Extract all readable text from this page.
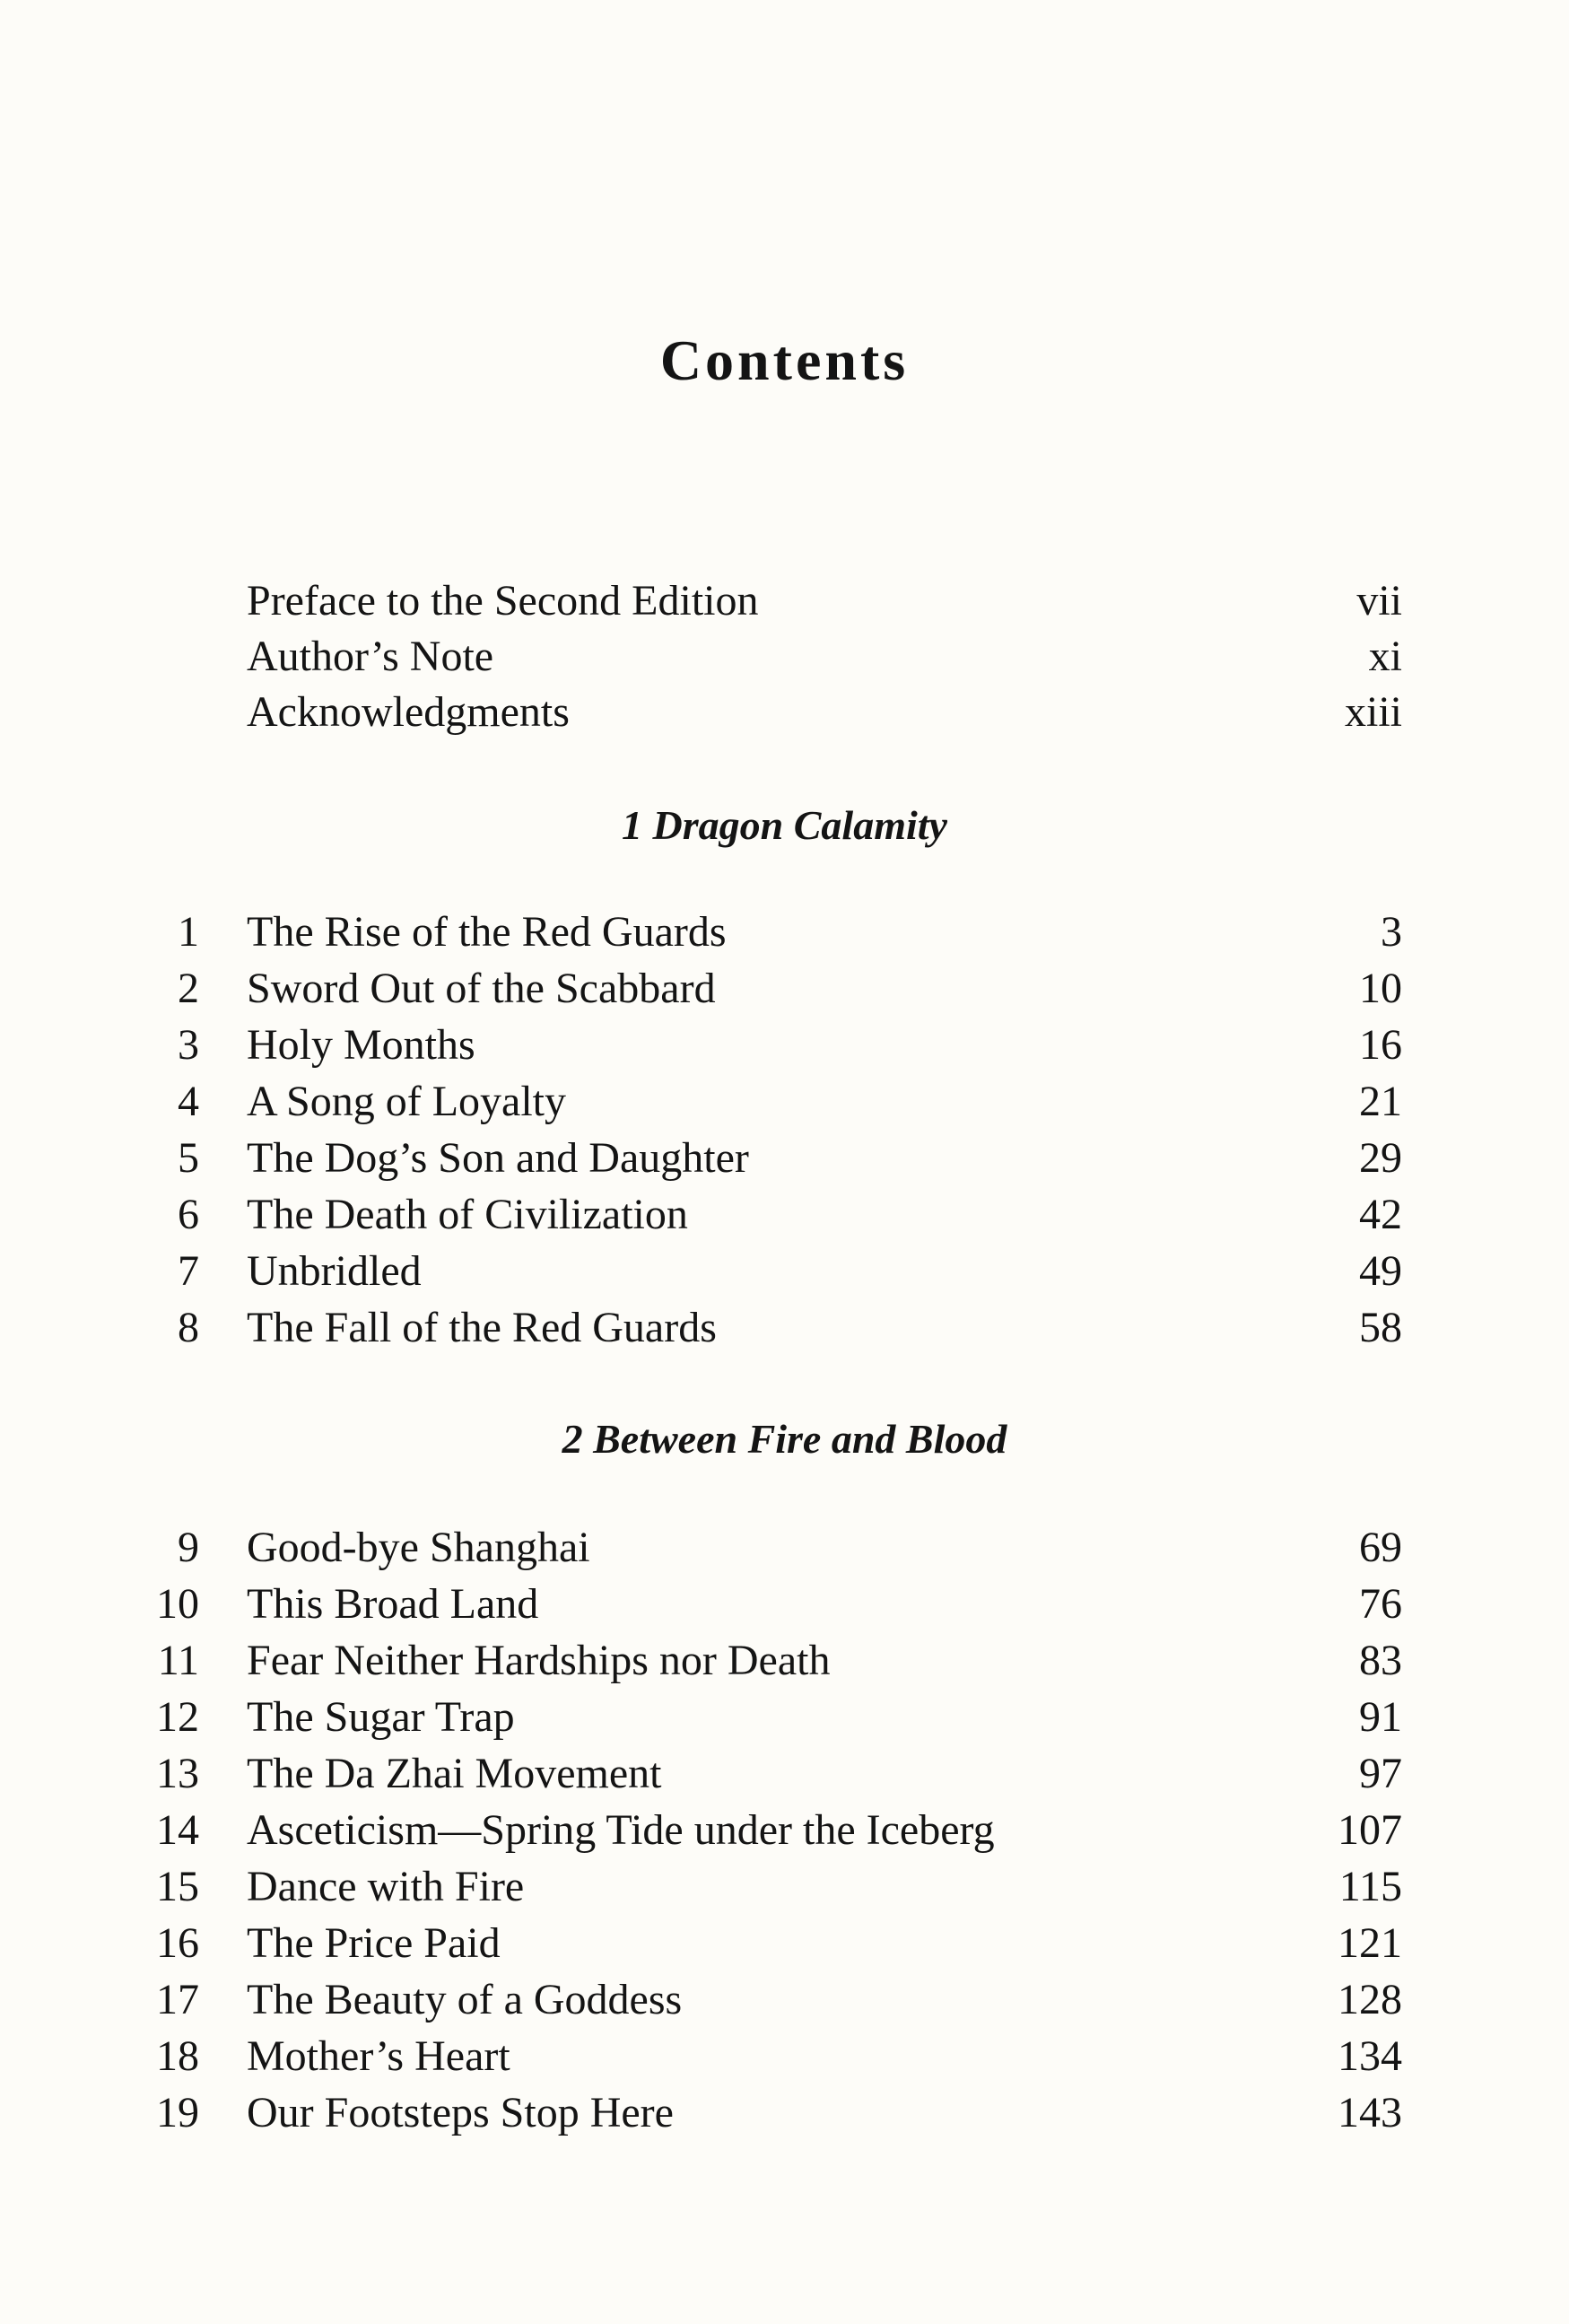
Contents
Preface to the Second Edition	vii
Author’s Note	xi
Acknowledgments	xiii
1 Dragon Calamity
1 The Rise of the Red Guards	3
2 Sword Out of the Scabbard	10
3 Holy Months	16
4 A Song of Loyalty	21
5 The Dog’s Son and Daughter	29
6 The Death of Civilization	42
7 Unbridled	49
8 The Fall of the Red Guards	58
2 Between Fire and Blood
9 Good-bye Shanghai	69
10 This Broad Land	76
11 Fear Neither Hardships nor Death	83
12 The Sugar Trap	91
13 The Da Zhai Movement	97
14 Asceticism—Spring Tide under the Iceberg	107
15 Dance with Fire	115
16 The Price Paid	121
17 The Beauty of a Goddess	128
18 Mother’s Heart	134
19 Our Footsteps Stop Here	143
